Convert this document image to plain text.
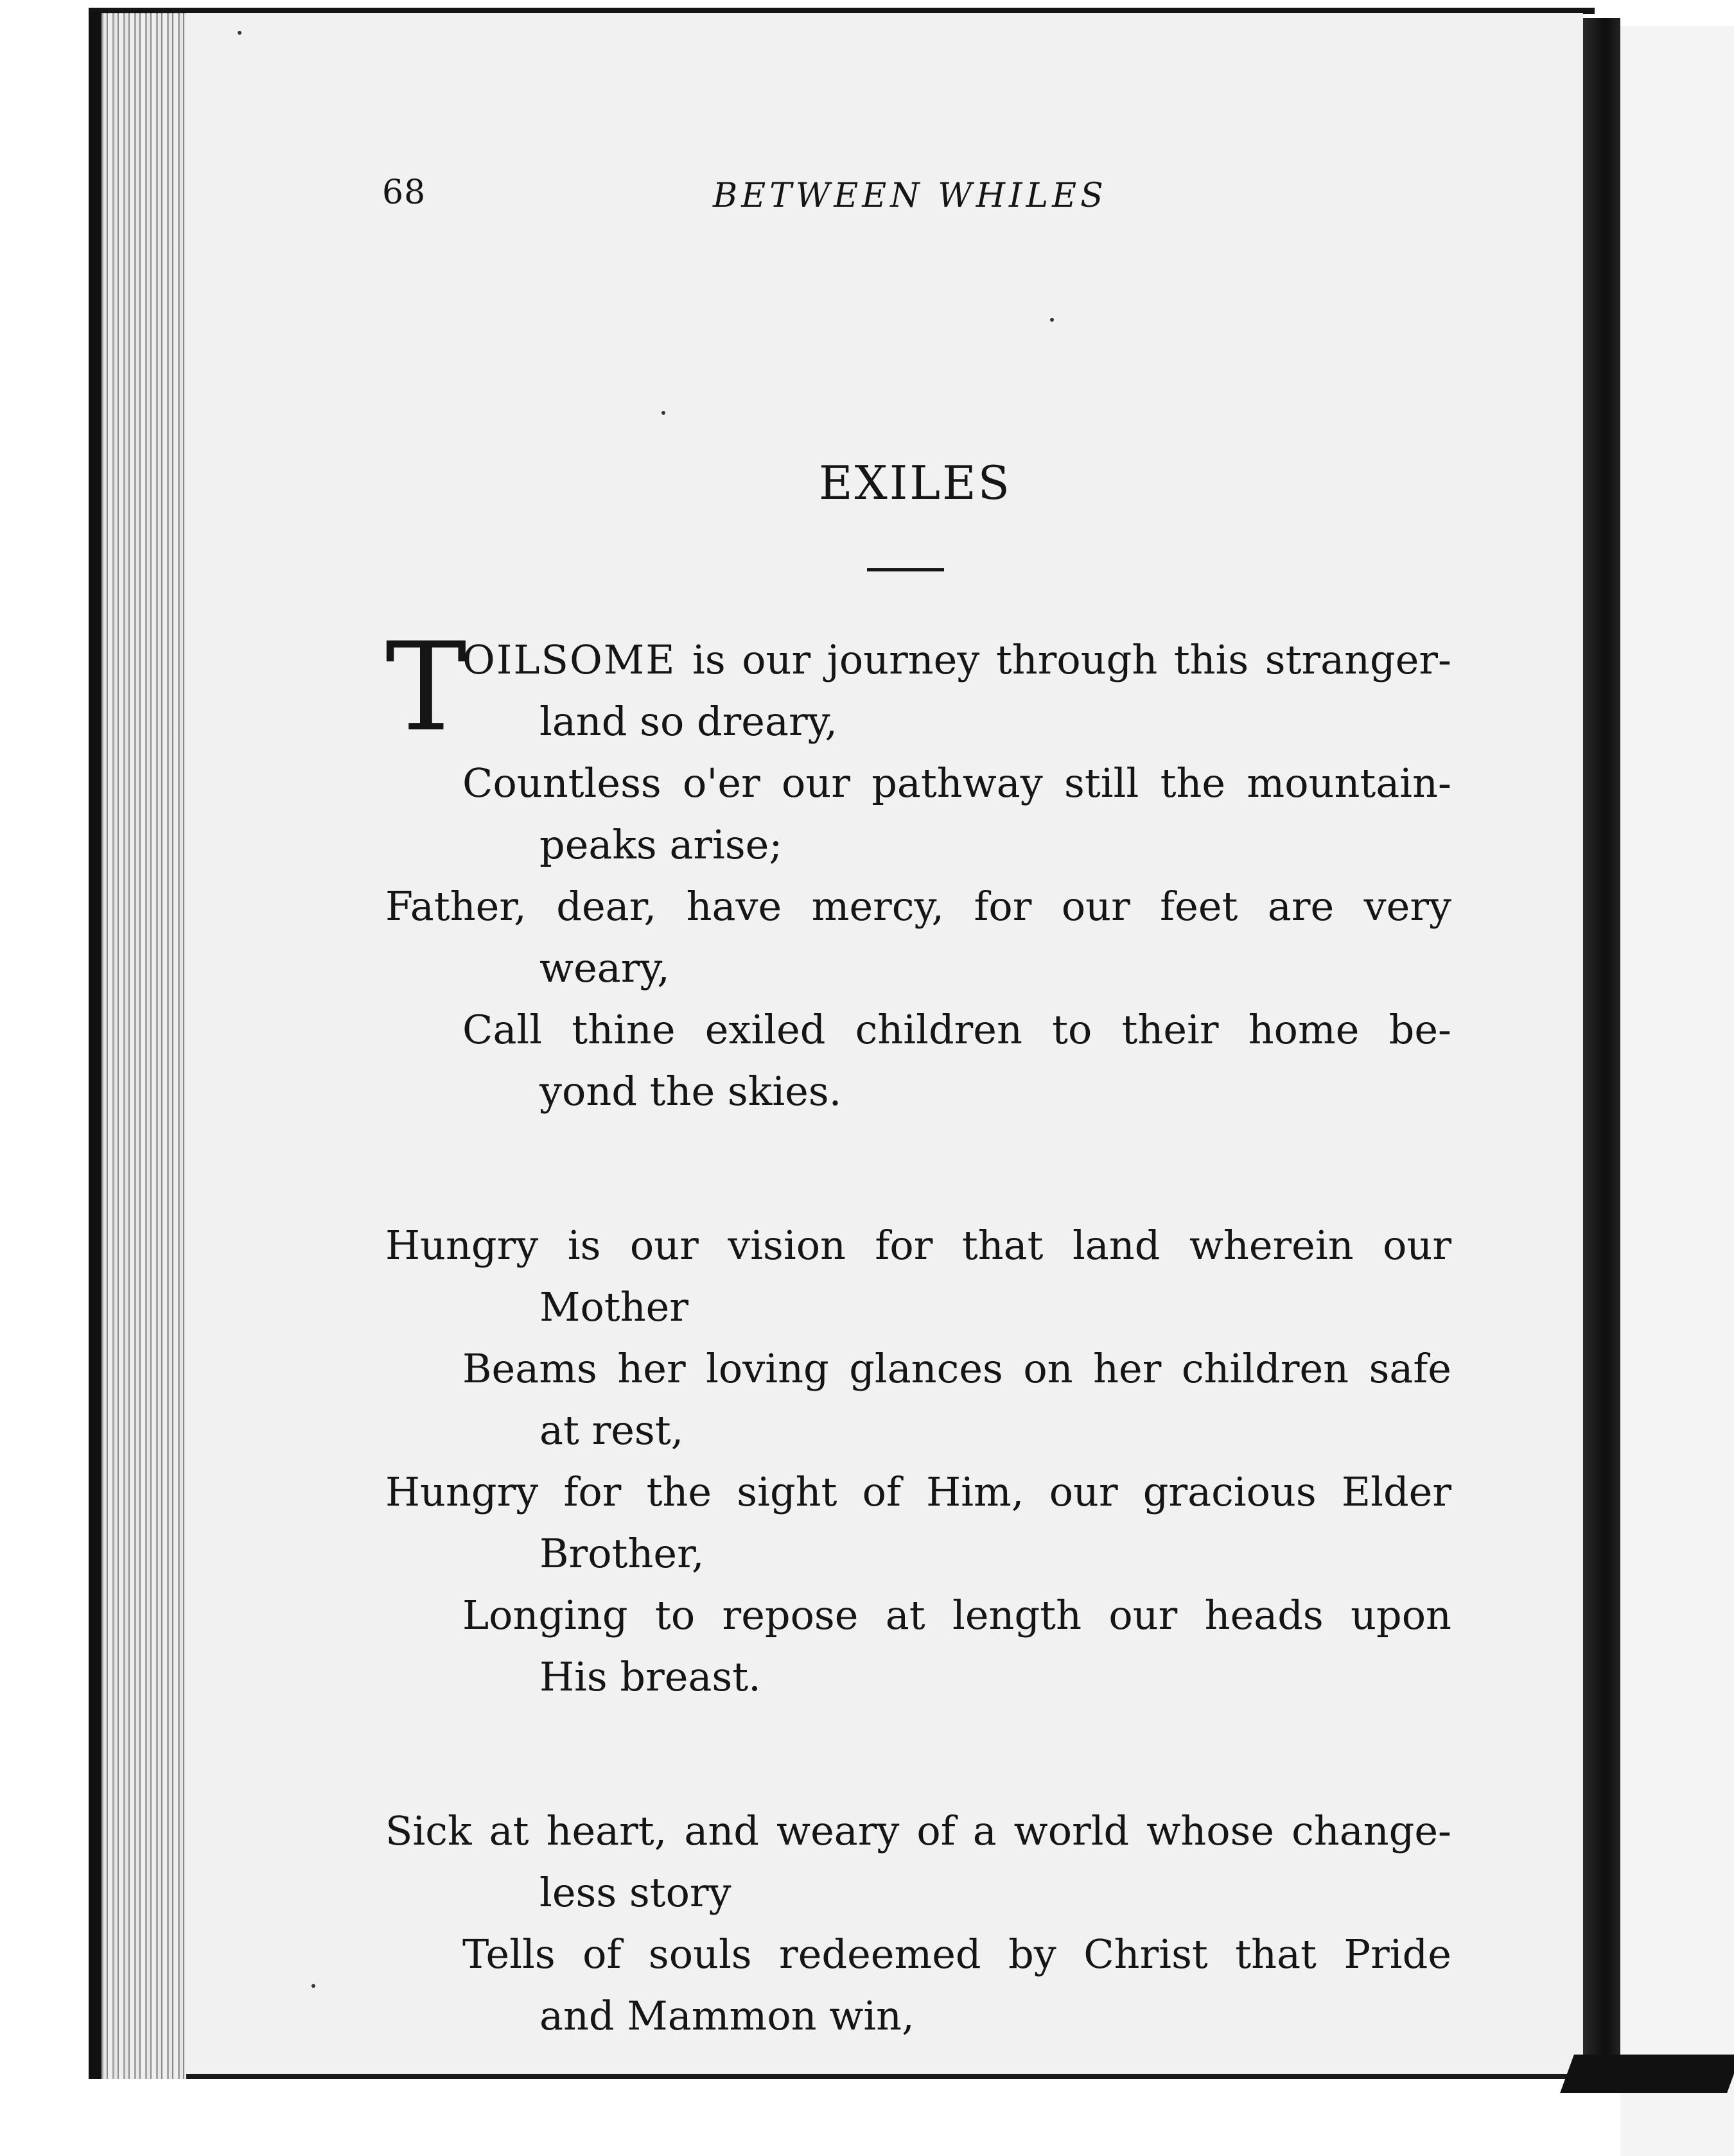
68	BETWEEN WHILES
EXILES
T
OILSOME is our journey through this stranger-
land so dreary,
Countless o'er our pathway still the mountain-
peaks arise;
Father, dear, have mercy, for our feet are very
weary,
Call thine exiled children to their home be-
yond the skies.
Hungry is our vision for that land wherein our
Mother
Beams her loving glances on her children safe
at rest,
Hungry for the sight of Him, our gracious Elder
Brother,
Longing to repose at length our heads upon
His breast.
Sick at heart, and weary of a world whose change-
less story
Tells of souls redeemed by Christ that Pride
and Mammon win,
